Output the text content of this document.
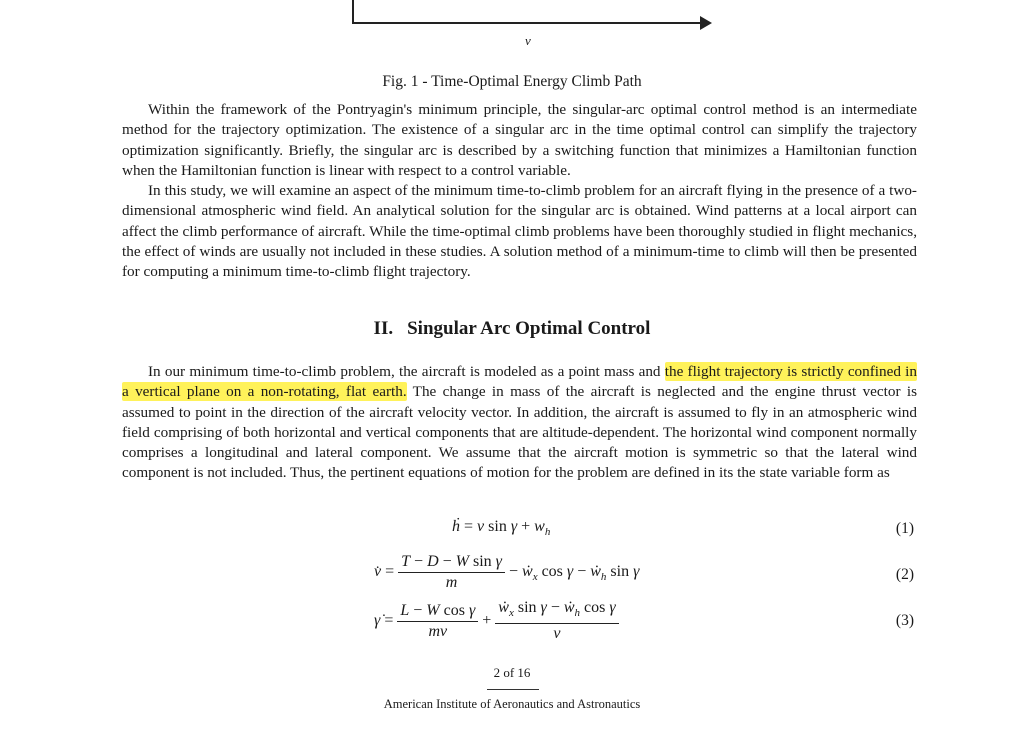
v
Fig. 1 - Time-Optimal Energy Climb Path

Within the framework of the Pontryagin's minimum principle, the singular-arc optimal control method is an intermediate method for the trajectory optimization. The existence of a singular arc in the time optimal control can simplify the trajectory optimization significantly. Briefly, the singular arc is described by a switching function that minimizes a Hamiltonian function when the Hamiltonian function is linear with respect to a control variable.

In this study, we will examine an aspect of the minimum time-to-climb problem for an aircraft flying in the presence of a two-dimensional atmospheric wind field. An analytical solution for the singular arc is obtained. Wind patterns at a local airport can affect the climb performance of aircraft. While the time-optimal climb problems have been thoroughly studied in flight mechanics, the effect of winds are usually not included in these studies. A solution method of a minimum-time to climb will then be presented for computing a minimum time-to-climb flight trajectory.

II. Singular Arc Optimal Control

In our minimum time-to-climb problem, the aircraft is modeled as a point mass and the flight trajectory is strictly confined in a vertical plane on a non-rotating, flat earth. The change in mass of the aircraft is neglected and the engine thrust vector is assumed to point in the direction of the aircraft velocity vector. In addition, the aircraft is assumed to fly in an atmospheric wind field comprising of both horizontal and vertical components that are altitude-dependent. The horizontal wind component normally comprises a longitudinal and lateral component. We assume that the aircraft motion is symmetric so that the lateral wind component is not included. Thus, the pertinent equations of motion for the problem are defined in its the state variable form as

ḣ = v $\sin \gamma + w_h$	(1)
v̇ = $\frac{\text{T − D − W sin γ}}{m}$ − ẇ$_x$ cos γ − ẇ$_h$ sin γ	(2)
γ̇ = $\frac{\text{L − W cos γ}}{mv} + \frac{ẇ_x \sin \gamma - ẇ_h \cos \gamma}{v}$	(3)
2 of 16
American Institute of Aeronautics and Astronautics
